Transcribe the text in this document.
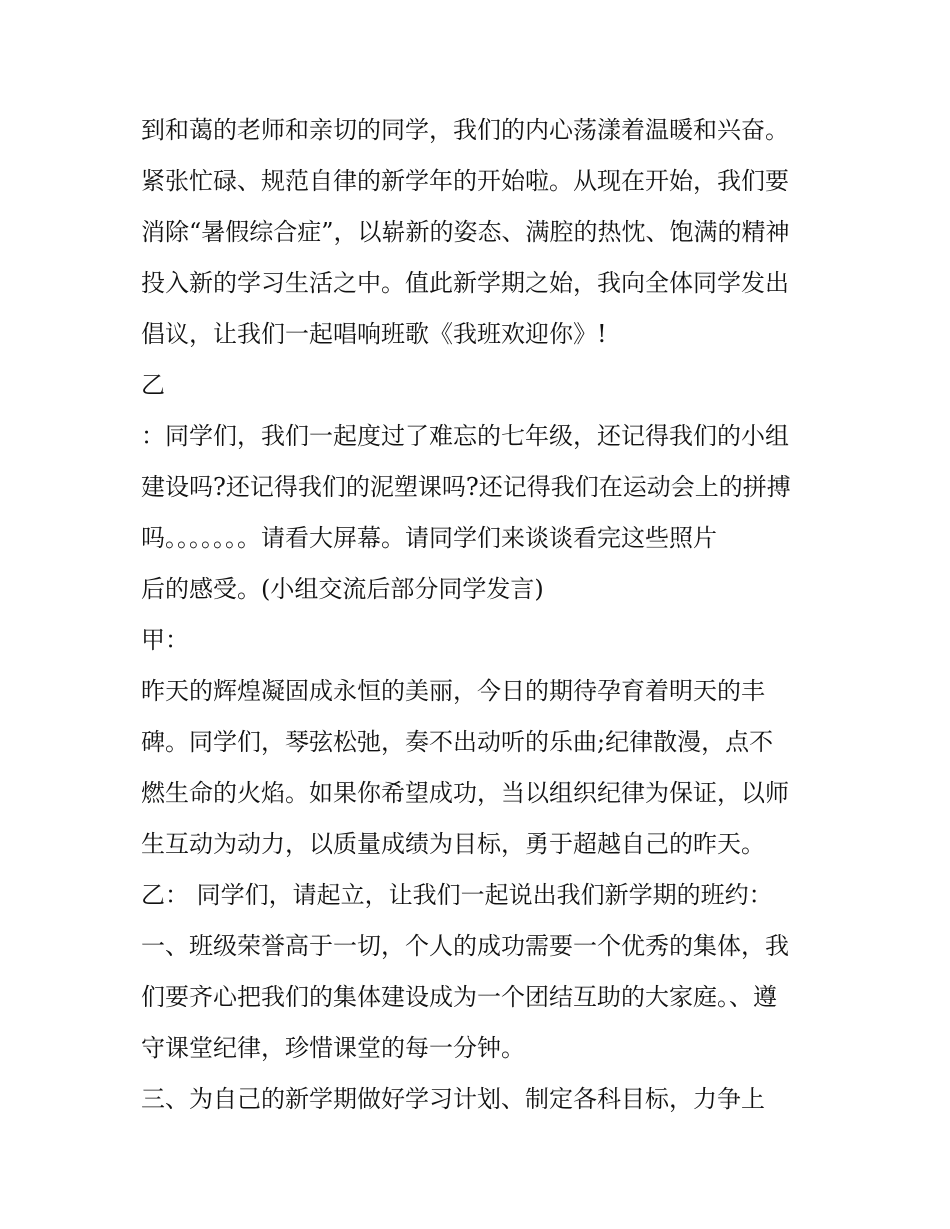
到和蔼的老师和亲切的同学，我们的内心荡漾着温暖和兴奋。
紧张忙碌、规范自律的新学年的开始啦。从现在开始，我们要
消除“暑假综合症”，以崭新的姿态、满腔的热忱、饱满的精神
投入新的学习生活之中。值此新学期之始，我向全体同学发出
倡议，让我们一起唱响班歌《我班欢迎你》!
乙
：同学们，我们一起度过了难忘的七年级，还记得我们的小组
建设吗?还记得我们的泥塑课吗?还记得我们在运动会上的拼搏
吗。。。。。。。请看大屏幕。请同学们来谈谈看完这些照片
后的感受。(小组交流后部分同学发言)
甲：
昨天的辉煌凝固成永恒的美丽，今日的期待孕育着明天的丰
碑。同学们，琴弦松弛，奏不出动听的乐曲;纪律散漫，点不
燃生命的火焰。如果你希望成功，当以组织纪律为保证，以师
生互动为动力，以质量成绩为目标，勇于超越自己的昨天。
乙： 同学们，请起立，让我们一起说出我们新学期的班约：
一、班级荣誉高于一切，个人的成功需要一个优秀的集体，我
们要齐心把我们的集体建设成为一个团结互助的大家庭。、遵
守课堂纪律，珍惜课堂的每一分钟。
三、为自己的新学期做好学习计划、制定各科目标，力争上
